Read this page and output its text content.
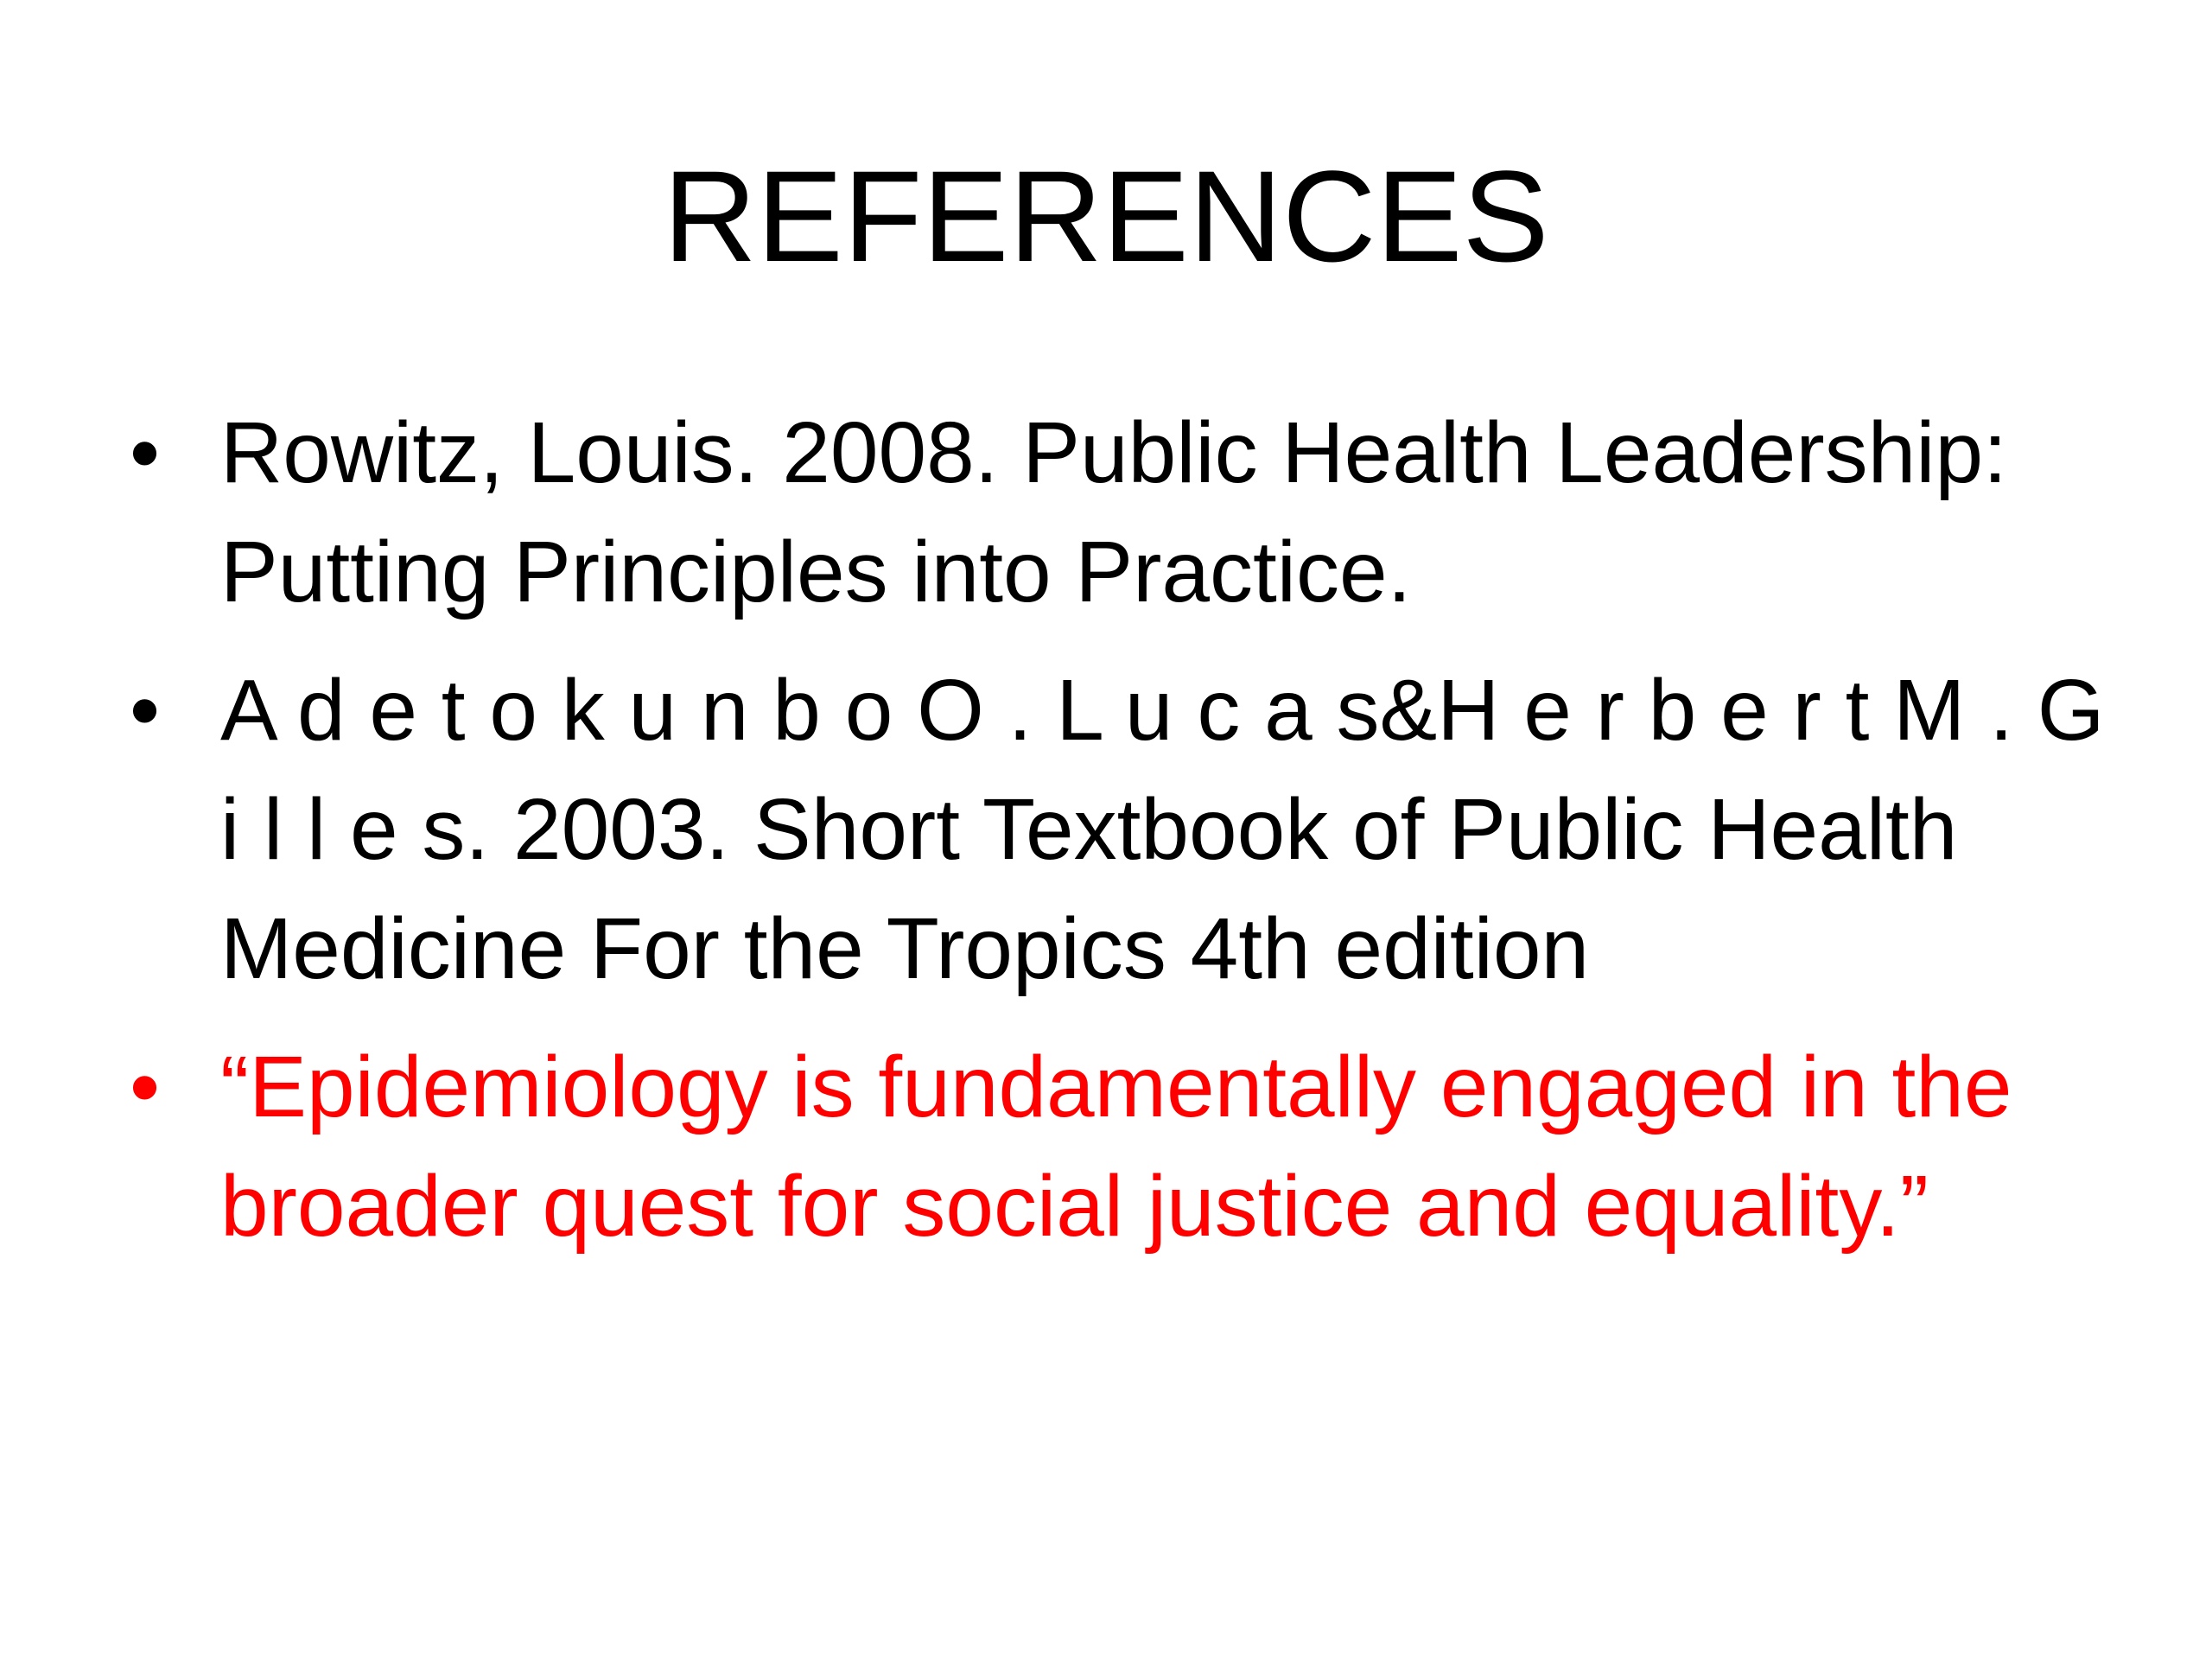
REFERENCES
• Rowitz, Louis. 2008. Public Health Leadership: Putting Principles into Practice.
• A d e t o k u n b o O . L u c a s&H e r b e r t M . G i l l e s. 2003. Short Textbook of Public Health Medicine For the Tropics 4th edition
• “Epidemiology is fundamentally engaged in the broader quest for social justice and equality.”
